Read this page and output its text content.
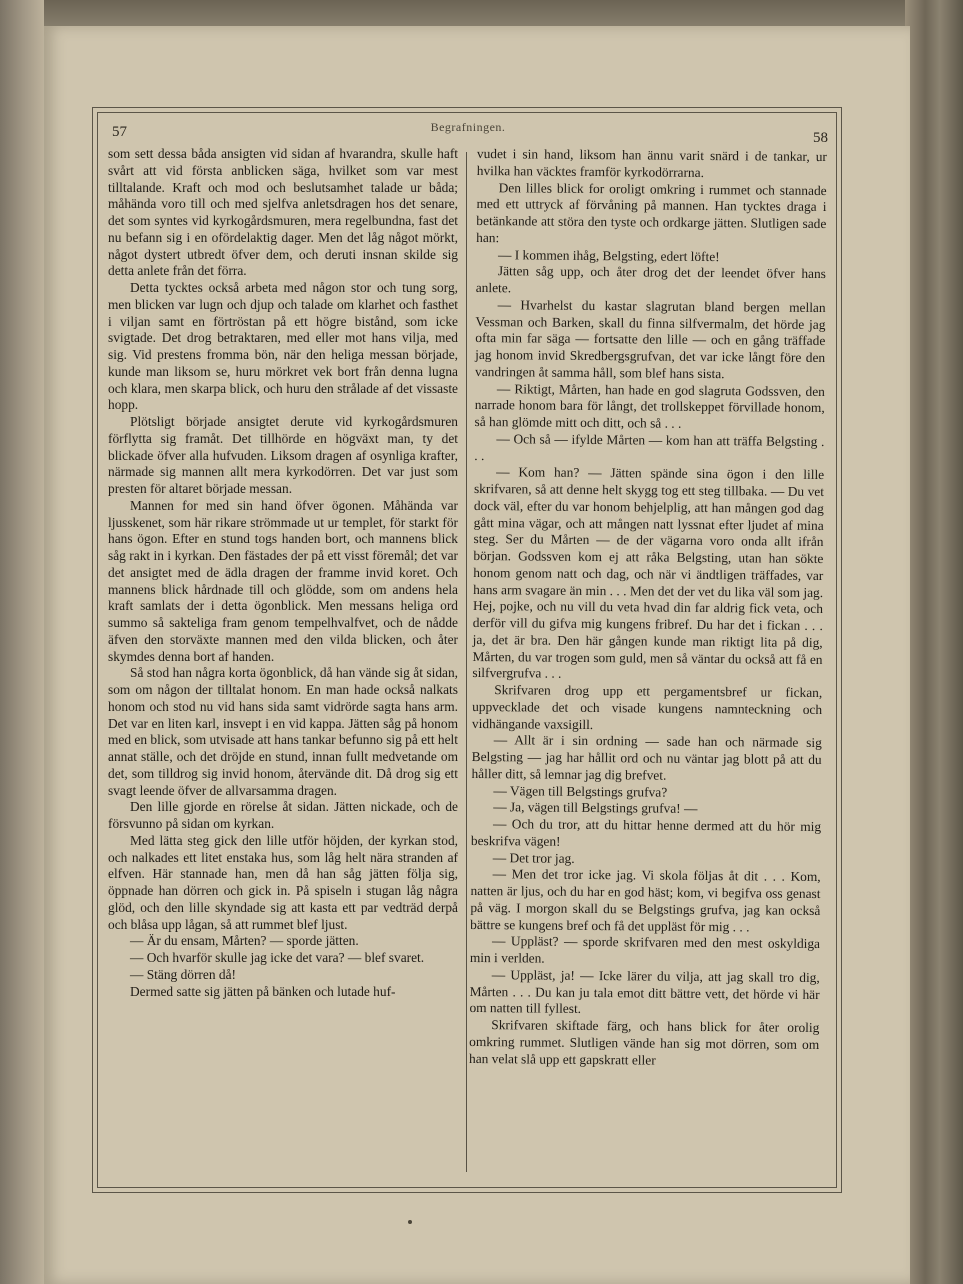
57	Begrafningen.
58

som sett dessa båda ansigten vid sidan af hvarandra, skulle haft svårt att vid första anblicken säga, hvilket som var mest tilltalande. Kraft och mod och beslutsamhet talade ur båda; måhända voro till och med sjelfva anletsdragen hos det senare, det som syntes vid kyrkogårdsmuren, mera regelbundna, fast det nu befann sig i en ofördelaktig dager. Men det låg något mörkt, något dystert utbredt öfver dem, och deruti insnan skilde sig detta anlete från det förra.

Detta tycktes också arbeta med någon stor och tung sorg, men blicken var lugn och djup och talade om klarhet och fasthet i viljan samt en förtröstan på ett högre bistånd, som icke svigtade. Det drog betraktaren, med eller mot hans vilja, med sig. Vid prestens fromma bön, när den heliga messan började, kunde man liksom se, huru mörkret vek bort från denna lugna och klara, men skarpa blick, och huru den strålade af det vissaste hopp.

Plötsligt började ansigtet derute vid kyrkogårdsmuren förflytta sig framåt. Det tillhörde en högväxt man, ty det blickade öfver alla hufvuden. Liksom dragen af osynliga krafter, närmade sig mannen allt mera kyrkodörren. Det var just som presten för altaret började messan.

Mannen for med sin hand öfver ögonen. Måhända var ljusskenet, som här rikare strömmade ut ur templet, för starkt för hans ögon. Efter en stund togs handen bort, och mannens blick såg rakt in i kyrkan. Den fästades der på ett visst föremål; det var det ansigtet med de ädla dragen der framme invid koret. Och mannens blick hårdnade till och glödde, som om andens hela kraft samlats der i detta ögonblick. Men messans heliga ord summo så sakteliga fram genom tempelhvalfvet, och de nådde äfven den storväxte mannen med den vilda blicken, och åter skymdes denna bort af handen.

Så stod han några korta ögonblick, då han vände sig åt sidan, som om någon der tilltalat honom. En man hade också nalkats honom och stod nu vid hans sida samt vidrörde sagta hans arm. Det var en liten karl, insvept i en vid kappa. Jätten såg på honom med en blick, som utvisade att hans tankar befunno sig på ett helt annat ställe, och det dröjde en stund, innan fullt medvetande om det, som tilldrog sig invid honom, återvände dit. Då drog sig ett svagt leende öfver de allvarsamma dragen.

Den lille gjorde en rörelse åt sidan. Jätten nickade, och de försvunno på sidan om kyrkan.

Med lätta steg gick den lille utför höjden, der kyrkan stod, och nalkades ett litet enstaka hus, som låg helt nära stranden af elfven. Här stannade han, men då han såg jätten följa sig, öppnade han dörren och gick in. På spiseln i stugan låg några glöd, och den lille skyndade sig att kasta ett par vedträd derpå och blåsa upp lågan, så att rummet blef ljust.

— Är du ensam, Mårten? — sporde jätten.

— Och hvarför skulle jag icke det vara? — blef svaret.

— Stäng dörren då!

Dermed satte sig jätten på bänken och lutade huf-

vudet i sin hand, liksom han ännu varit snärd i de tankar, ur hvilka han väcktes framför kyrkodörrarna.

Den lilles blick for oroligt omkring i rummet och stannade med ett uttryck af förvåning på mannen. Han tycktes draga i betänkande att störa den tyste och ordkarge jätten. Slutligen sade han:

— I kommen ihåg, Belgsting, edert löfte!

Jätten såg upp, och åter drog det der leendet öfver hans anlete.

— Hvarhelst du kastar slagrutan bland bergen mellan Vessman och Barken, skall du finna silfvermalm, det hörde jag ofta min far säga — fortsatte den lille — och en gång träffade jag honom invid Skredbergsgrufvan, det var icke långt före den vandringen åt samma håll, som blef hans sista.

— Riktigt, Mårten, han hade en god slagruta Godssven, den narrade honom bara för långt, det trollskeppet förvillade honom, så han glömde mitt och ditt, och så . . .

— Och så — ifylde Mårten — kom han att träffa Belgsting . . .

— Kom han? — Jätten spände sina ögon i den lille skrifvaren, så att denne helt skygg tog ett steg tillbaka. — Du vet dock väl, efter du var honom behjelplig, att han mången god dag gått mina vägar, och att mången natt lyssnat efter ljudet af mina steg. Ser du Mårten — de der vägarna voro onda allt ifrån början. Godssven kom ej att råka Belgsting, utan han sökte honom genom natt och dag, och när vi ändtligen träffades, var hans arm svagare än min . . . Men det der vet du lika väl som jag. Hej, pojke, och nu vill du veta hvad din far aldrig fick veta, och derför vill du gifva mig kungens fribref. Du har det i fickan . . . ja, det är bra. Den här gången kunde man riktigt lita på dig, Mårten, du var trogen som guld, men så väntar du också att få en silfvergrufva . . .

Skrifvaren drog upp ett pergamentsbref ur fickan, uppvecklade det och visade kungens namnteckning och vidhängande vaxsigill.

— Allt är i sin ordning — sade han och närmade sig Belgsting — jag har hållit ord och nu väntar jag blott på att du håller ditt, så lemnar jag dig brefvet.

— Vägen till Belgstings grufva?

— Ja, vägen till Belgstings grufva! —

— Och du tror, att du hittar henne dermed att du hör mig beskrifva vägen!

— Det tror jag.

— Men det tror icke jag. Vi skola följas åt dit . . . Kom, natten är ljus, och du har en god häst; kom, vi begifva oss genast på väg. I morgon skall du se Belgstings grufva, jag kan också bättre se kungens bref och få det uppläst för mig . . .

— Uppläst? — sporde skrifvaren med den mest oskyldiga min i verlden.

— Uppläst, ja! — Icke lärer du vilja, att jag skall tro dig, Mårten . . . Du kan ju tala emot ditt bättre vett, det hörde vi här om natten till fyllest.

Skrifvaren skiftade färg, och hans blick for åter orolig omkring rummet. Slutligen vände han sig mot dörren, som om han velat slå upp ett gapskratt eller
